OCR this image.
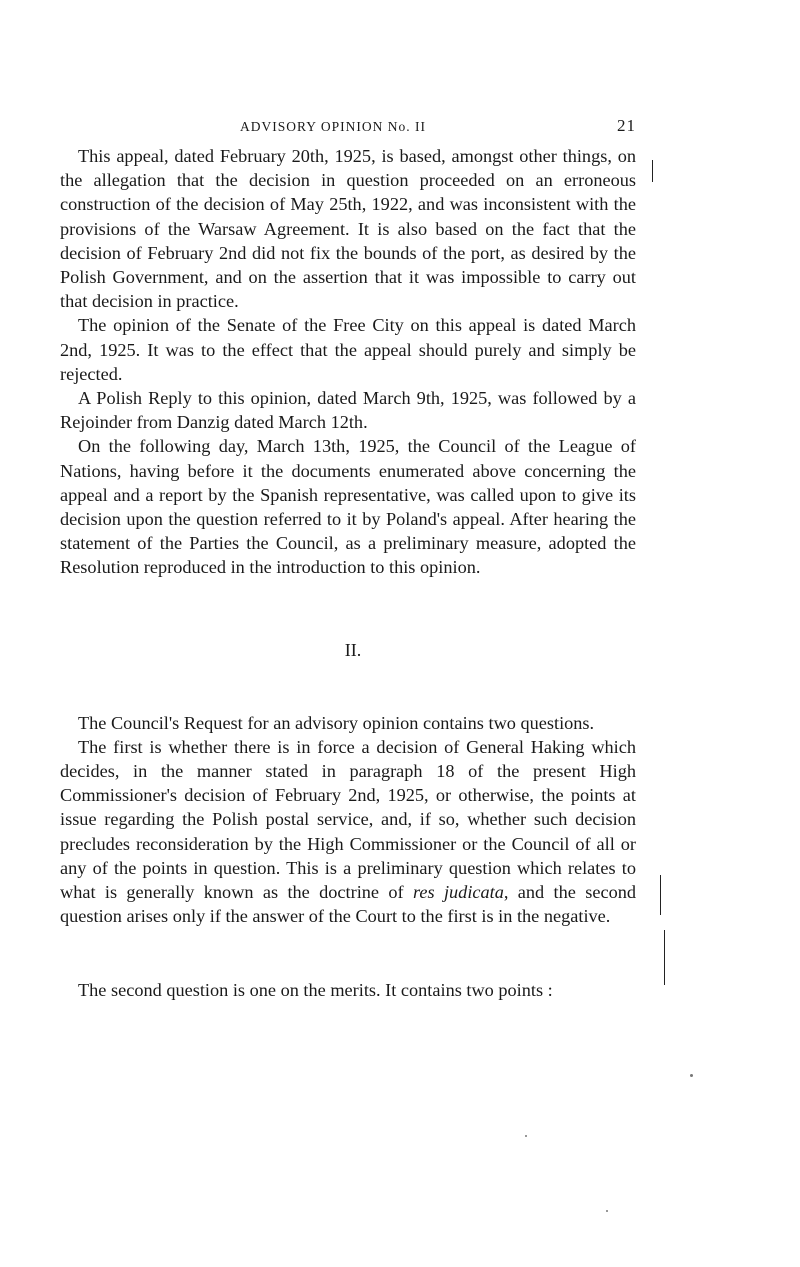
ADVISORY OPINION No. II	21

This appeal, dated February 20th, 1925, is based, amongst other things, on the allegation that the decision in question proceeded on an erroneous construction of the decision of May 25th, 1922, and was inconsistent with the provisions of the Warsaw Agreement. It is also based on the fact that the decision of February 2nd did not fix the bounds of the port, as desired by the Polish Government, and on the assertion that it was impossible to carry out that decision in practice.

The opinion of the Senate of the Free City on this appeal is dated March 2nd, 1925. It was to the effect that the appeal should purely and simply be rejected.

A Polish Reply to this opinion, dated March 9th, 1925, was followed by a Rejoinder from Danzig dated March 12th.

On the following day, March 13th, 1925, the Council of the League of Nations, having before it the documents enumerated above concerning the appeal and a report by the Spanish representative, was called upon to give its decision upon the question referred to it by Poland's appeal. After hearing the statement of the Parties the Council, as a preliminary measure, adopted the Resolution reproduced in the introduction to this opinion.

II.

The Council's Request for an advisory opinion contains two questions.

The first is whether there is in force a decision of General Haking which decides, in the manner stated in paragraph 18 of the present High Commissioner's decision of February 2nd, 1925, or otherwise, the points at issue regarding the Polish postal service, and, if so, whether such decision precludes reconsideration by the High Commissioner or the Council of all or any of the points in question. This is a preliminary question which relates to what is generally known as the doctrine of res judicata, and the second question arises only if the answer of the Court to the first is in the negative.

The second question is one on the merits. It contains two points :
